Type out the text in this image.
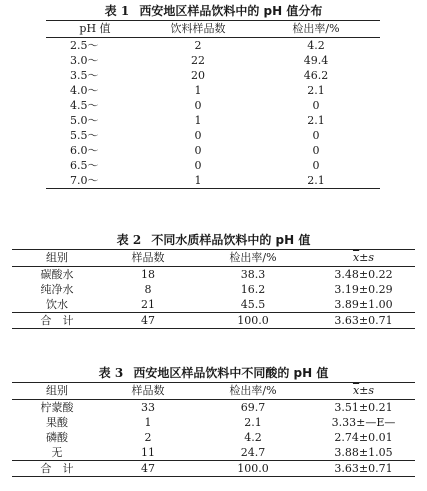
表 1 西安地区样品饮料中的 pH 值分布
pH 值	饮料样品数	检出率/%
2.5～	2	4.2
3.0～	22	49.4
3.5～	20	46.2
4.0～	1	2.1
4.5～	0	0
5.0～	1	2.1
5.5～	0	0
6.0～	0	0
6.5～	0	0
7.0～	1	2.1
表 2 不同水质样品饮料中的 pH 值
组别	样品数	检出率/%	$\overline{x}\pm s$
碳酸水	18	38.3	3.48±0.22
纯净水	8	16.2	3.19±0.29
饮水	21	45.5	3.89±1.00
合　计	47	100.0	3.63±0.71
表 3 西安地区样品饮料中不同酸的 pH 值
组别	样品数	检出率/%	$\overline{x}\pm s$
柠蒙酸	33	69.7	3.51±0.21
果酸	1	2.1	3.33±—E—
磷酸	2	4.2	2.74±0.01
无	11	24.7	3.88±1.05
合　计	47	100.0	3.63±0.71
